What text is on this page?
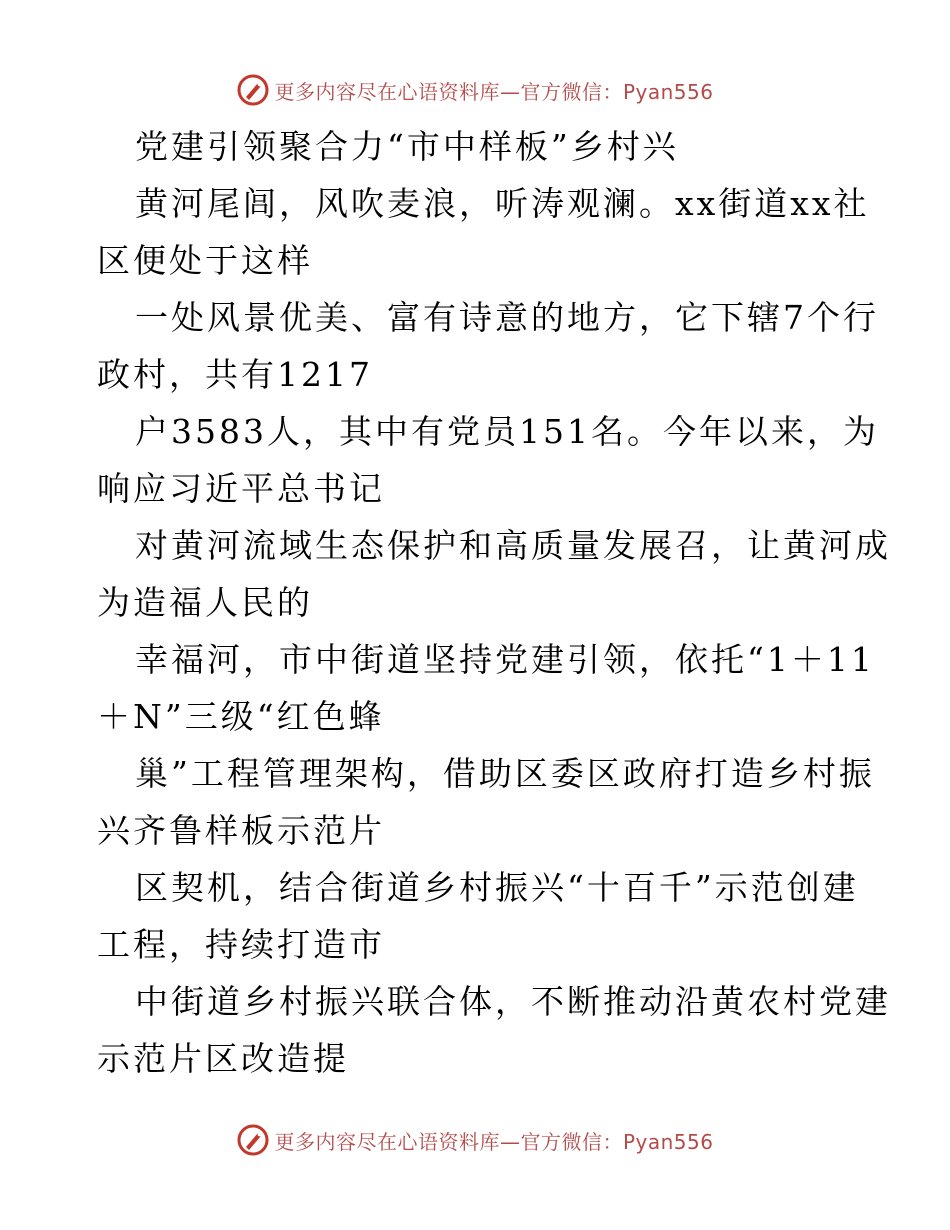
更多内容尽在心语资料库—官方微信：Pyan556
党建引领聚合力“市中样板”乡村兴
黄河尾闾，风吹麦浪，听涛观澜。xx街道xx社
区便处于这样
一处风景优美、富有诗意的地方，它下辖7个行
政村，共有1217
户3583人，其中有党员151名。今年以来，为
响应习近平总书记
对黄河流域生态保护和高质量发展召，让黄河成
为造福人民的
幸福河，市中街道坚持党建引领，依托“1＋11
＋N”三级“红色蜂
巢”工程管理架构，借助区委区政府打造乡村振
兴齐鲁样板示范片
区契机，结合街道乡村振兴“十百千”示范创建
工程，持续打造市
中街道乡村振兴联合体，不断推动沿黄农村党建
示范片区改造提
更多内容尽在心语资料库—官方微信：Pyan556
